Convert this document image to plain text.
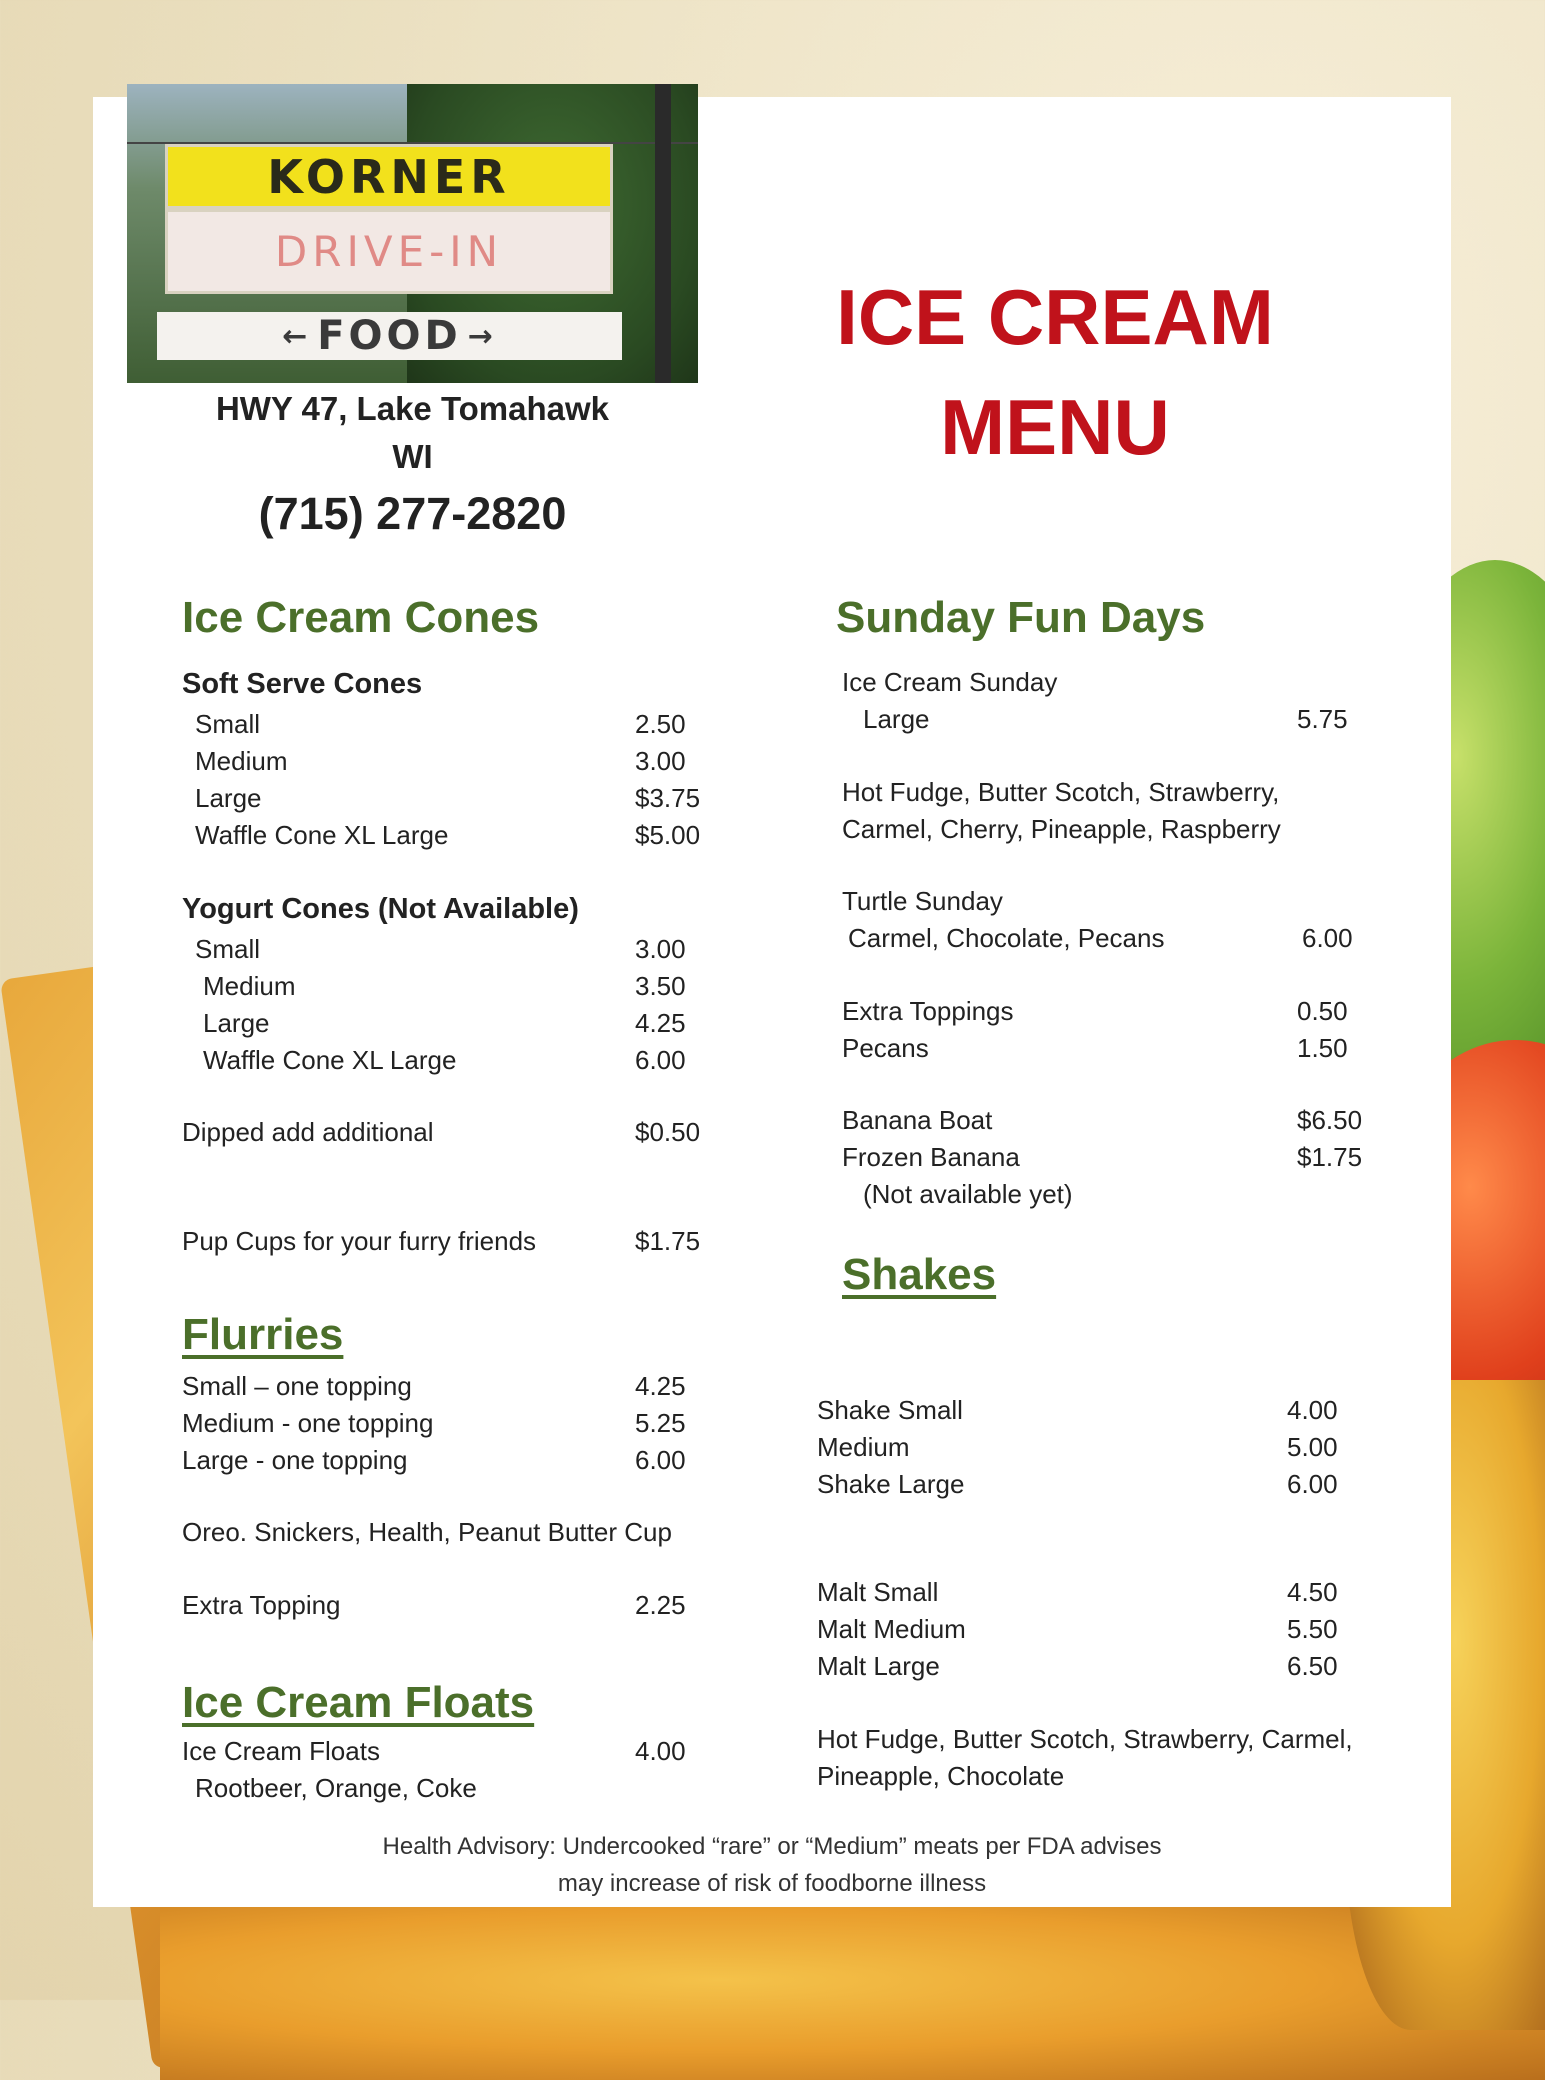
KORNER
DRIVE-IN
← FOOD →
HWY 47, Lake Tomahawk
WI
(715) 277-2820
ICE CREAM
MENU
Ice Cream Cones
Soft Serve Cones
Small	2.50
Medium	3.00
Large	$3.75
Waffle Cone XL Large	$5.00
Yogurt Cones (Not Available)
Small	3.00
Medium	3.50
Large	4.25
Waffle Cone XL Large	6.00
Dipped add additional	$0.50
Pup Cups for your furry friends	$1.75
Flurries
Small – one topping	4.25
Medium - one topping	5.25
Large - one topping	6.00
Oreo. Snickers, Health, Peanut Butter Cup
Extra Topping	2.25
Ice Cream Floats
Ice Cream Floats	4.00
Rootbeer, Orange, Coke
Sunday Fun Days
Ice Cream Sunday
Large	5.75
Hot Fudge, Butter Scotch, Strawberry,
Carmel, Cherry, Pineapple, Raspberry
Turtle Sunday
Carmel, Chocolate, Pecans	6.00
Extra Toppings	0.50
Pecans	1.50
Banana Boat	$6.50
Frozen Banana	$1.75
(Not available yet)
Shakes
Shake Small	4.00
Medium	5.00
Shake Large	6.00
Malt Small	4.50
Malt Medium	5.50
Malt Large	6.50
Hot Fudge, Butter Scotch, Strawberry, Carmel,
Pineapple, Chocolate
Health Advisory: Undercooked “rare” or “Medium” meats per FDA advises
may increase of risk of foodborne illness
